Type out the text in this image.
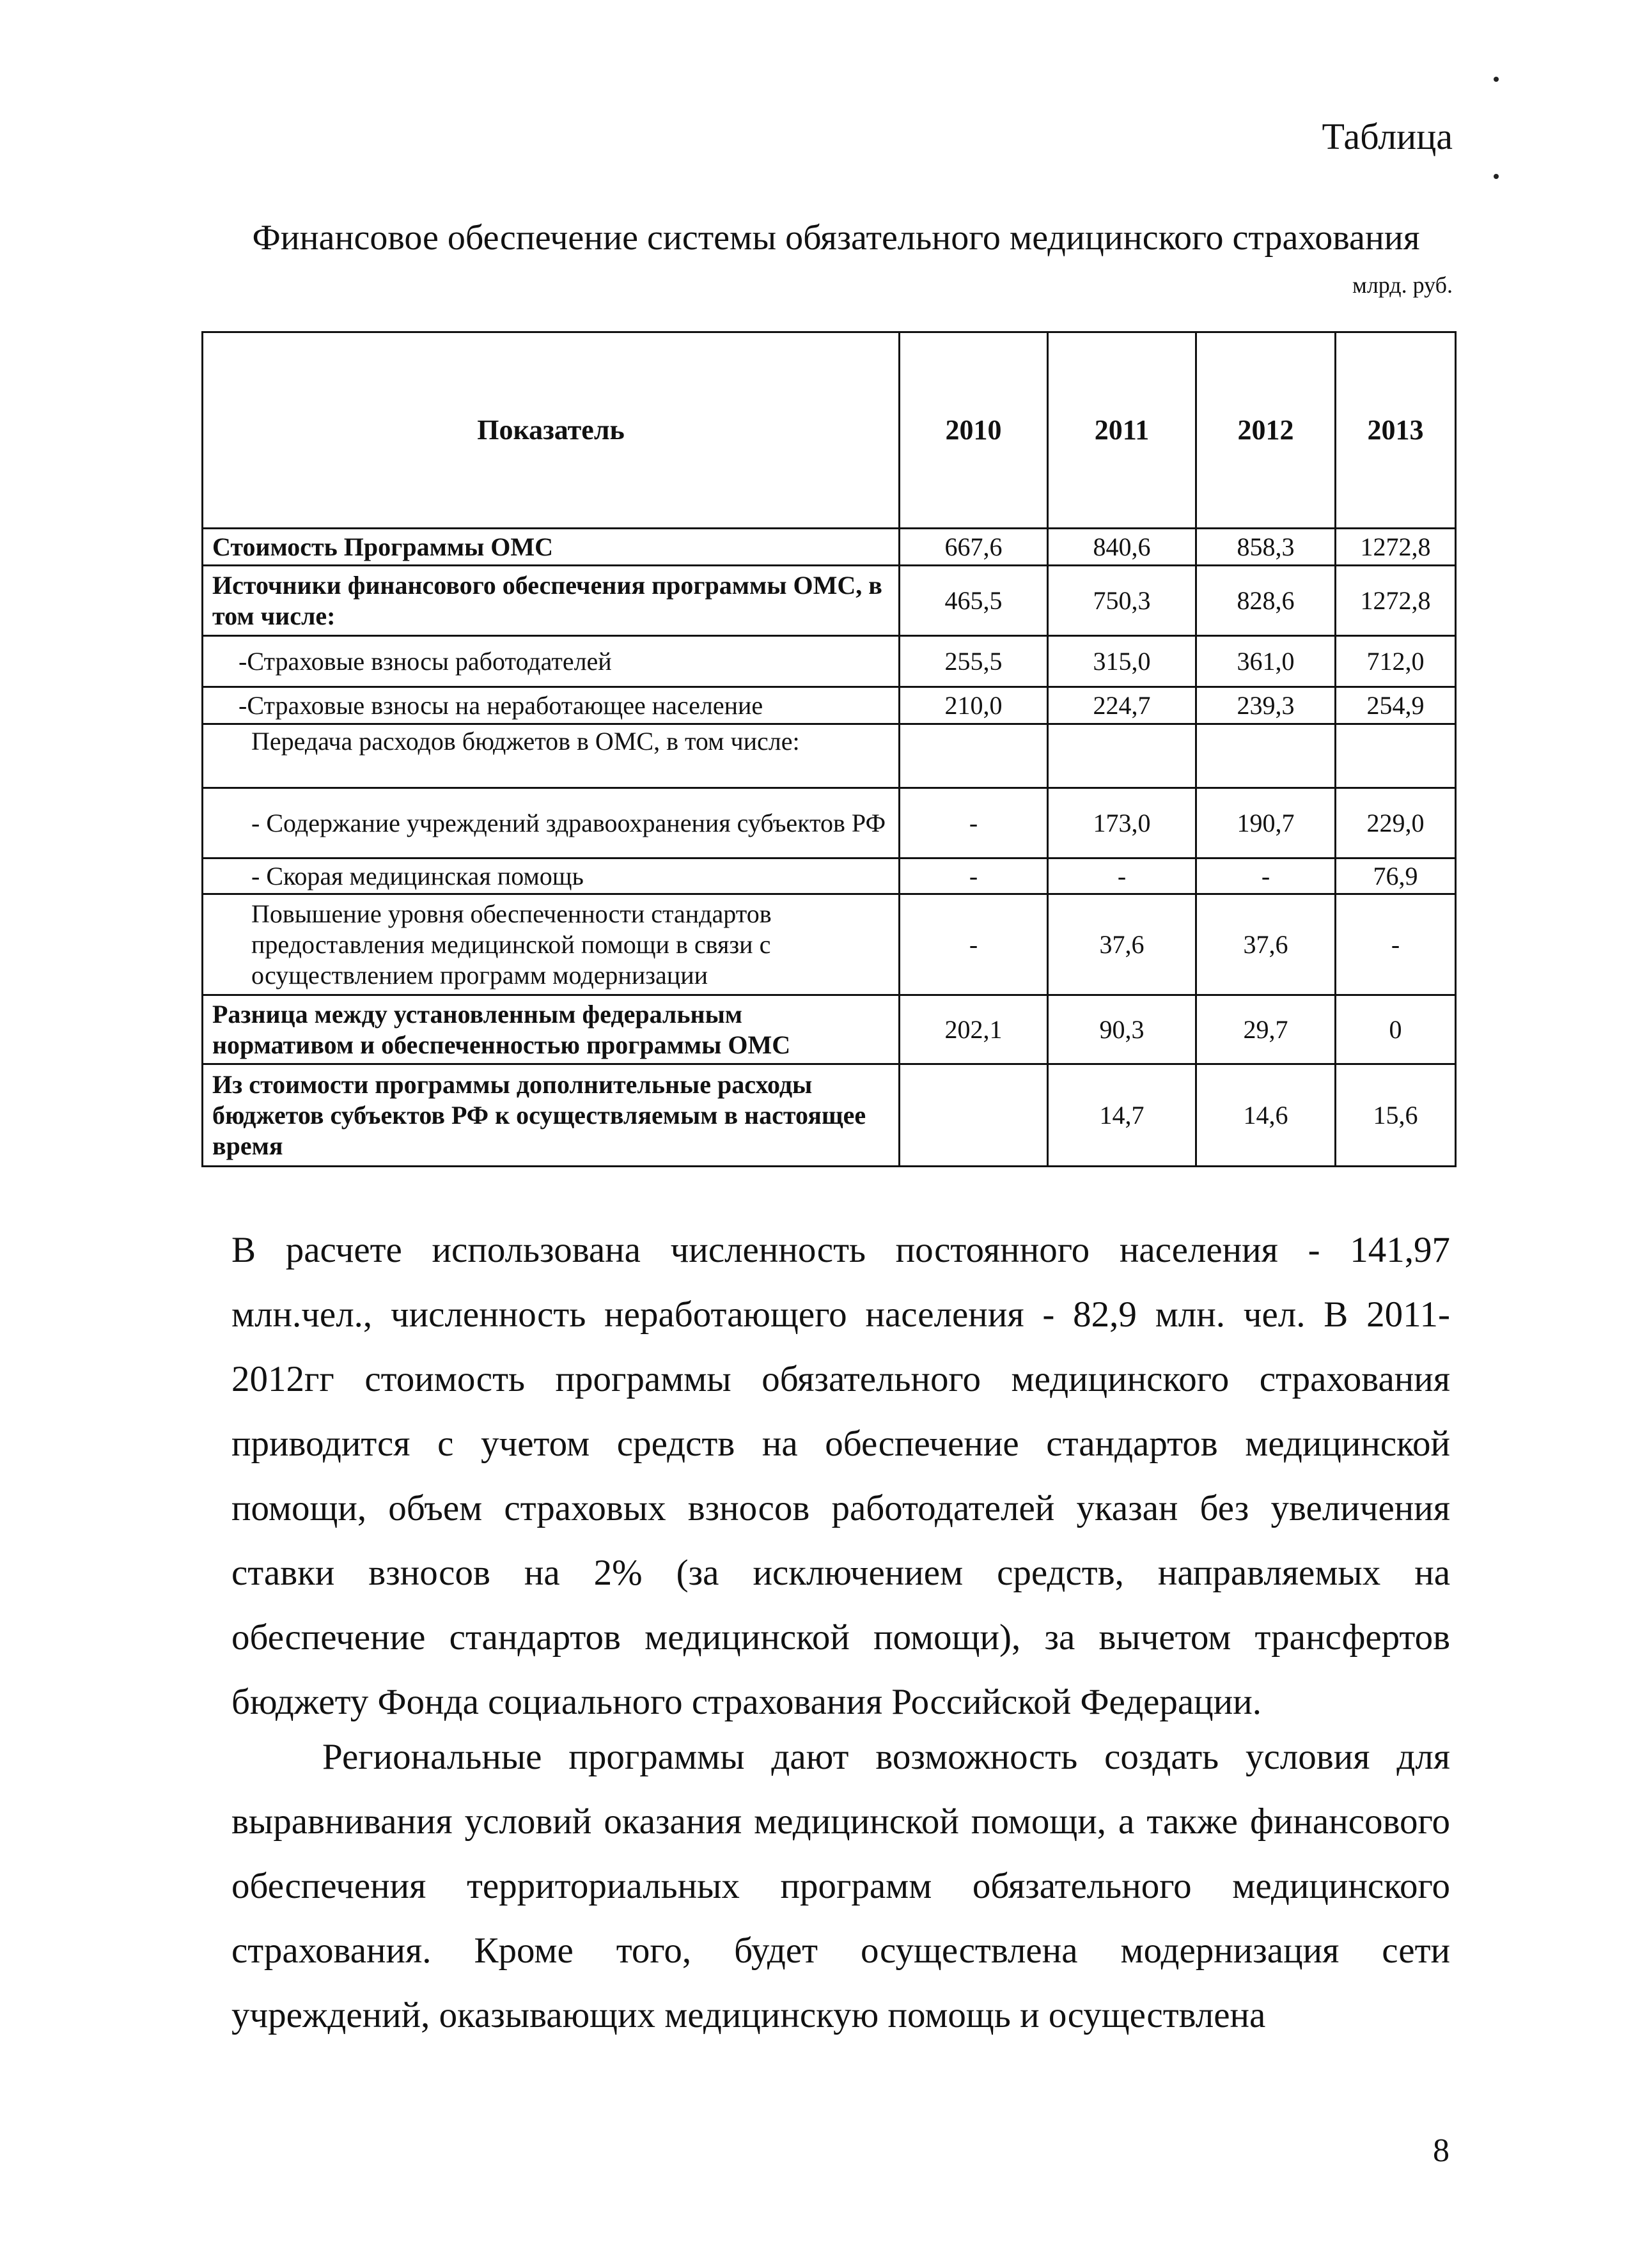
Таблица
Финансовое обеспечение системы обязательного медицинского страхования
млрд. руб.
Показатель	2010	2011	2012	2013
Стоимость Программы ОМС	667,6	840,6	858,3	1272,8
Источники финансового обеспечения программы ОМС, в том числе:	465,5	750,3	828,6	1272,8
-Страховые взносы работодателей	255,5	315,0	361,0	712,0
-Страховые взносы на неработающее население	210,0	224,7	239,3	254,9
Передача расходов бюджетов в ОМС, в том числе:				
- Содержание учреждений здравоохранения субъектов РФ	-	173,0	190,7	229,0
- Скорая медицинская помощь	-	-	-	76,9
Повышение уровня обеспеченности стандартов предоставления медицинской помощи в связи с осуществлением программ модернизации	-	37,6	37,6	-
Разница между установленным федеральным нормативом и обеспеченностью программы ОМС	202,1	90,3	29,7	0
Из стоимости программы дополнительные расходы бюджетов субъектов РФ к осуществляемым в настоящее время		14,7	14,6	15,6

В расчете использована численность постоянного населения - 141,97 млн.чел., численность неработающего населения - 82,9 млн. чел. В 2011-2012гг стоимость программы обязательного медицинского страхования приводится с учетом средств на обеспечение стандартов медицинской помощи, объем страховых взносов работодателей указан без увеличения ставки взносов на 2% (за исключением средств, направляемых на обеспечение стандартов медицинской помощи), за вычетом трансфертов бюджету Фонда социального страхования Российской Федерации.

Региональные программы дают возможность создать условия для выравнивания условий оказания медицинской помощи, а также финансового обеспечения территориальных программ обязательного медицинского страхования. Кроме того, будет осуществлена модернизация сети учреждений, оказывающих медицинскую помощь и осуществлена

8
